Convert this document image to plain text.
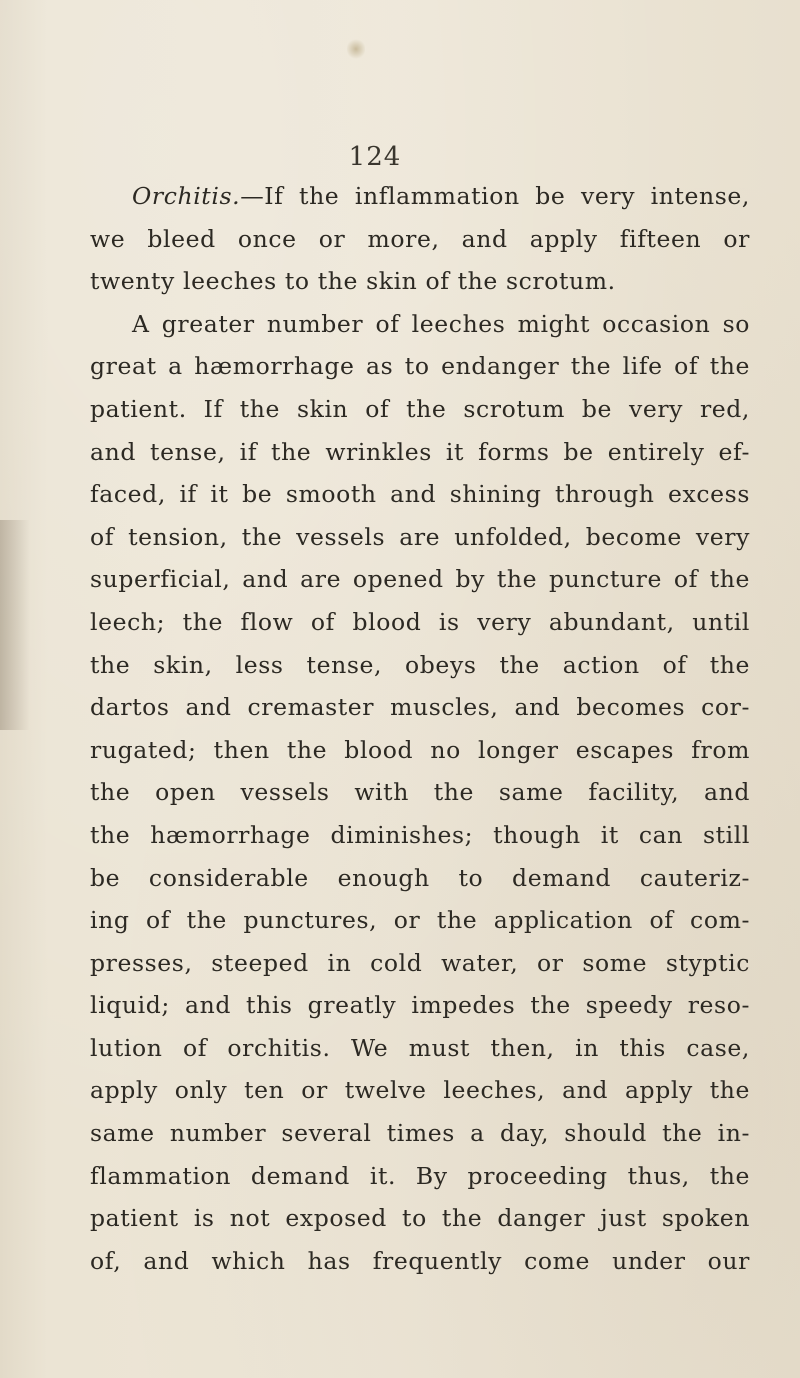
124
Orchitis.—If the inflammation be very intense,
we bleed once or more, and apply fifteen or
twenty leeches to the skin of the scrotum.
A greater number of leeches might occasion so
great a hæmorrhage as to endanger the life of the
patient. If the skin of the scrotum be very red,
and tense, if the wrinkles it forms be entirely ef-
faced, if it be smooth and shining through excess
of tension, the vessels are unfolded, become very
superficial, and are opened by the puncture of the
leech; the flow of blood is very abundant, until
the skin, less tense, obeys the action of the
dartos and cremaster muscles, and becomes cor-
rugated; then the blood no longer escapes from
the open vessels with the same facility, and
the hæmorrhage diminishes; though it can still
be considerable enough to demand cauteriz-
ing of the punctures, or the application of com-
presses, steeped in cold water, or some styptic
liquid; and this greatly impedes the speedy reso-
lution of orchitis. We must then, in this case,
apply only ten or twelve leeches, and apply the
same number several times a day, should the in-
flammation demand it. By proceeding thus, the
patient is not exposed to the danger just spoken
of, and which has frequently come under our
